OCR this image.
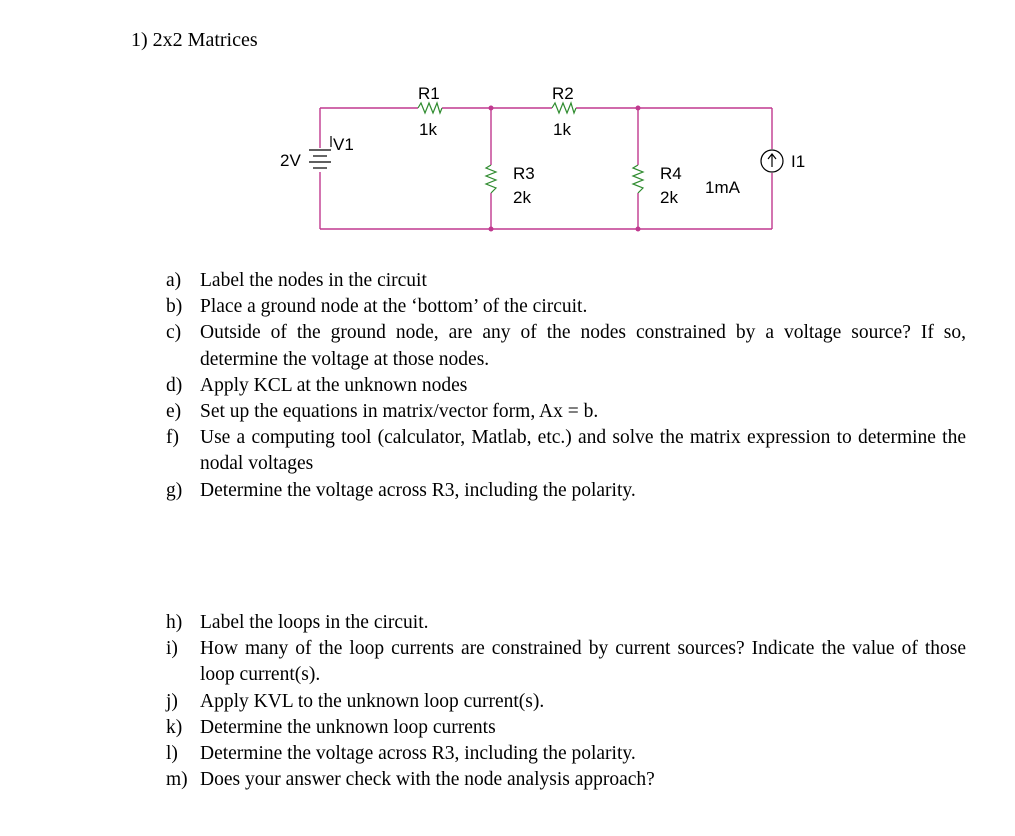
1) 2x2 Matrices
R1
1k
R2
1k
R3
2k
R4
2k
V1
2V	I1
1mA
a) Label the nodes in the circuit
b) Place a ground node at the ‘bottom’ of the circuit.
c) Outside of the ground node, are any of the nodes constrained by a voltage source? If so, determine the voltage at those nodes.
d) Apply KCL at the unknown nodes
e) Set up the equations in matrix/vector form, Ax = b.
f)	Use a computing tool (calculator, Matlab, etc.) and solve the matrix expression to determine the nodal voltages
g) Determine the voltage across R3, including the polarity.
h) Label the loops in the circuit.
i)	How many of the loop currents are constrained by current sources? Indicate the value of those loop current(s).
j)	Apply KVL to the unknown loop current(s).
k) Determine the unknown loop currents
l)	Determine the voltage across R3, including the polarity.
m) Does your answer check with the node analysis approach?
